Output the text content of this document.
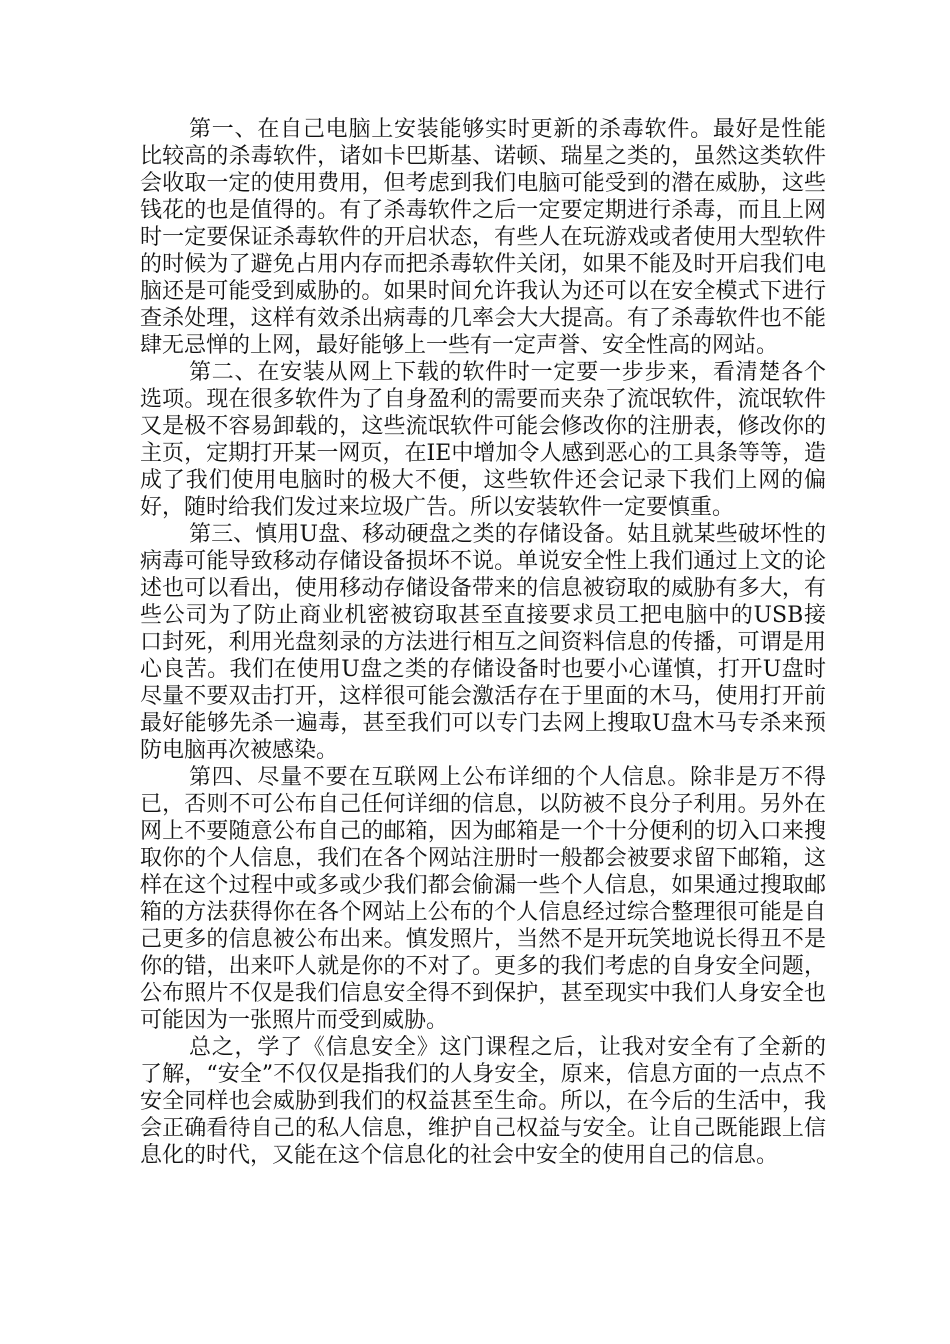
第一、在自己电脑上安装能够实时更新的杀毒软件。最好是性能比较高的杀毒软件，诸如卡巴斯基、诺顿、瑞星之类的，虽然这类软件会收取一定的使用费用，但考虑到我们电脑可能受到的潜在威胁，这些钱花的也是值得的。有了杀毒软件之后一定要定期进行杀毒，而且上网时一定要保证杀毒软件的开启状态，有些人在玩游戏或者使用大型软件的时候为了避免占用内存而把杀毒软件关闭，如果不能及时开启我们电脑还是可能受到威胁的。如果时间允许我认为还可以在安全模式下进行查杀处理，这样有效杀出病毒的几率会大大提高。有了杀毒软件也不能肆无忌惮的上网，最好能够上一些有一定声誉、安全性高的网站。

第二、在安装从网上下载的软件时一定要一步步来，看清楚各个选项。现在很多软件为了自身盈利的需要而夹杂了流氓软件，流氓软件又是极不容易卸载的，这些流氓软件可能会修改你的注册表，修改你的主页，定期打开某一网页，在IE中增加令人感到恶心的工具条等等，造成了我们使用电脑时的极大不便，这些软件还会记录下我们上网的偏好，随时给我们发过来垃圾广告。所以安装软件一定要慎重。

第三、慎用U盘、移动硬盘之类的存储设备。姑且就某些破坏性的病毒可能导致移动存储设备损坏不说。单说安全性上我们通过上文的论述也可以看出，使用移动存储设备带来的信息被窃取的威胁有多大，有些公司为了防止商业机密被窃取甚至直接要求员工把电脑中的USB接口封死，利用光盘刻录的方法进行相互之间资料信息的传播，可谓是用心良苦。我们在使用U盘之类的存储设备时也要小心谨慎，打开U盘时尽量不要双击打开，这样很可能会激活存在于里面的木马，使用打开前最好能够先杀一遍毒，甚至我们可以专门去网上搜取U盘木马专杀来预防电脑再次被感染。

第四、尽量不要在互联网上公布详细的个人信息。除非是万不得已，否则不可公布自己任何详细的信息，以防被不良分子利用。另外在网上不要随意公布自己的邮箱，因为邮箱是一个十分便利的切入口来搜取你的个人信息，我们在各个网站注册时一般都会被要求留下邮箱，这样在这个过程中或多或少我们都会偷漏一些个人信息，如果通过搜取邮箱的方法获得你在各个网站上公布的个人信息经过综合整理很可能是自己更多的信息被公布出来。慎发照片，当然不是开玩笑地说长得丑不是你的错，出来吓人就是你的不对了。更多的我们考虑的自身安全问题，公布照片不仅是我们信息安全得不到保护，甚至现实中我们人身安全也可能因为一张照片而受到威胁。

总之，学了《信息安全》这门课程之后，让我对安全有了全新的了解，“安全”不仅仅是指我们的人身安全，原来，信息方面的一点点不安全同样也会威胁到我们的权益甚至生命。所以，在今后的生活中，我会正确看待自己的私人信息，维护自己权益与安全。让自己既能跟上信息化的时代，又能在这个信息化的社会中安全的使用自己的信息。
